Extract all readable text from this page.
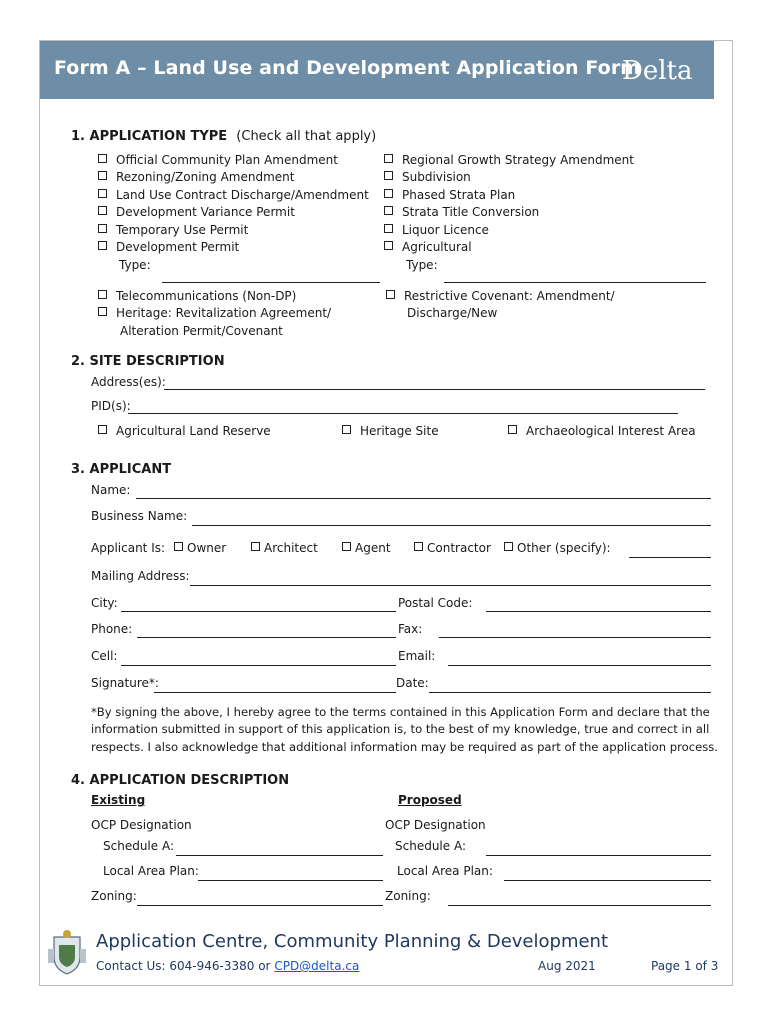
Form A – Land Use and Development Application Form
Delta
1. APPLICATION TYPE (Check all that apply)
Official Community Plan Amendment
Rezoning/Zoning Amendment
Land Use Contract Discharge/Amendment
Development Variance Permit
Temporary Use Permit
Development Permit
Type:
Regional Growth Strategy Amendment
Subdivision
Phased Strata Plan
Strata Title Conversion
Liquor Licence
Agricultural
Type:
Telecommunications (Non-DP)
Heritage: Revitalization Agreement/
Alteration Permit/Covenant
Restrictive Covenant: Amendment/
Discharge/New
2. SITE DESCRIPTION
Address(es):
PID(s):
Agricultural Land Reserve	Heritage Site	Archaeological Interest Area
3. APPLICANT
Name:
Business Name:
Applicant Is:	Owner	Architect	Agent	Contractor	Other (specify):
Mailing Address:
City:	Postal Code:
Phone:	Fax:
Cell:	Email:
Signature*:	Date:
*By signing the above, I hereby agree to the terms contained in this Application Form and declare that the
information submitted in support of this application is, to the best of my knowledge, true and correct in all
respects. I also acknowledge that additional information may be required as part of the application process.
4. APPLICATION DESCRIPTION
Existing	Proposed
OCP Designation	OCP Designation
Schedule A:	Schedule A:
Local Area Plan:	Local Area Plan:
Zoning:	Zoning:
Application Centre, Community Planning & Development
Contact Us: 604-946-3380 or CPD@delta.ca	Aug 2021	Page 1 of 3
